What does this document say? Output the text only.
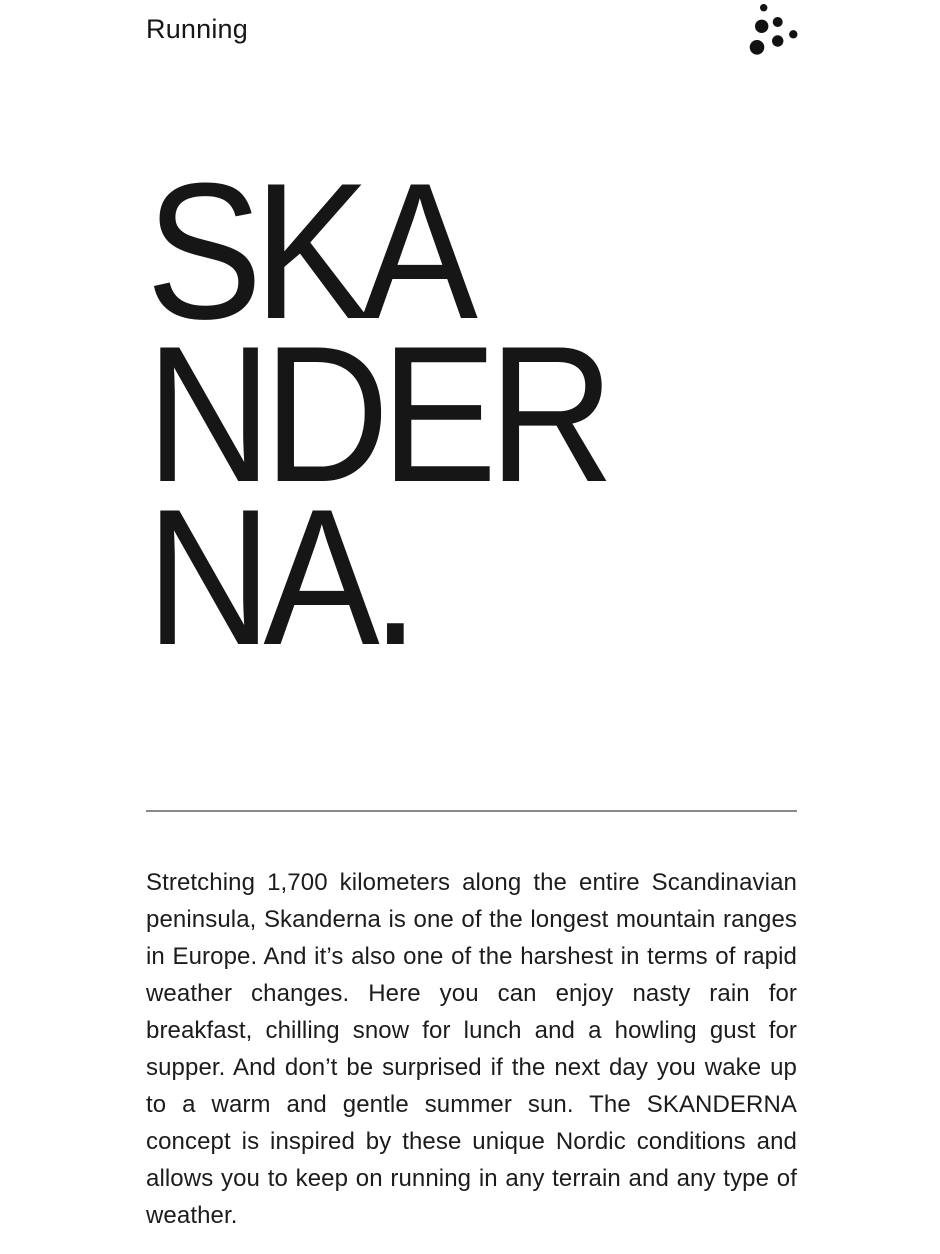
Running
SKA
NDER
NA.

Stretching 1,700 kilometers along the entire Scandinavian peninsula, Skanderna is one of the longest mountain ranges in Europe. And it’s also one of the harshest in terms of rapid weather changes. Here you can enjoy nasty rain for breakfast, chilling snow for lunch and a howling gust for supper. And don’t be surprised if the next day you wake up to a warm and gentle summer sun. The SKANDERNA concept is inspired by these unique Nordic conditions and allows you to keep on running in any terrain and any type of weather.
